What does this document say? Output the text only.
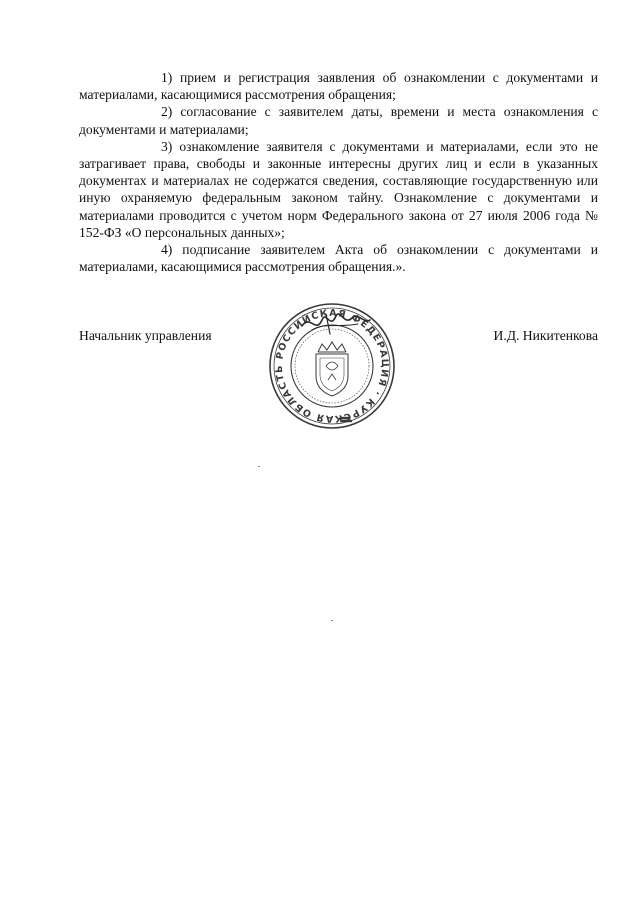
1) прием и регистрация заявления об ознакомлении с документами и материалами, касающимися рассмотрения обращения;

2) согласование с заявителем даты, времени и места ознакомления с документами и материалами;

3) ознакомление заявителя с документами и материалами, если это не затрагивает права, свободы и законные интересны других лиц и если в указанных документах и материалах не содержатся сведения, составляющие государственную или иную охраняемую федеральным законом тайну. Ознакомление с документами и материалами проводится с учетом норм Федерального закона от 27 июля 2006 года № 152-ФЗ «О персональных данных»;

4) подписание заявителем Акта об ознакомлении с документами и материалами, касающимися рассмотрения обращения.».

Начальник управления	И.Д. Никитенкова
РОССИЙСКАЯ ФЕДЕРАЦИЯ · КУРСКАЯ ОБЛАСТЬ
